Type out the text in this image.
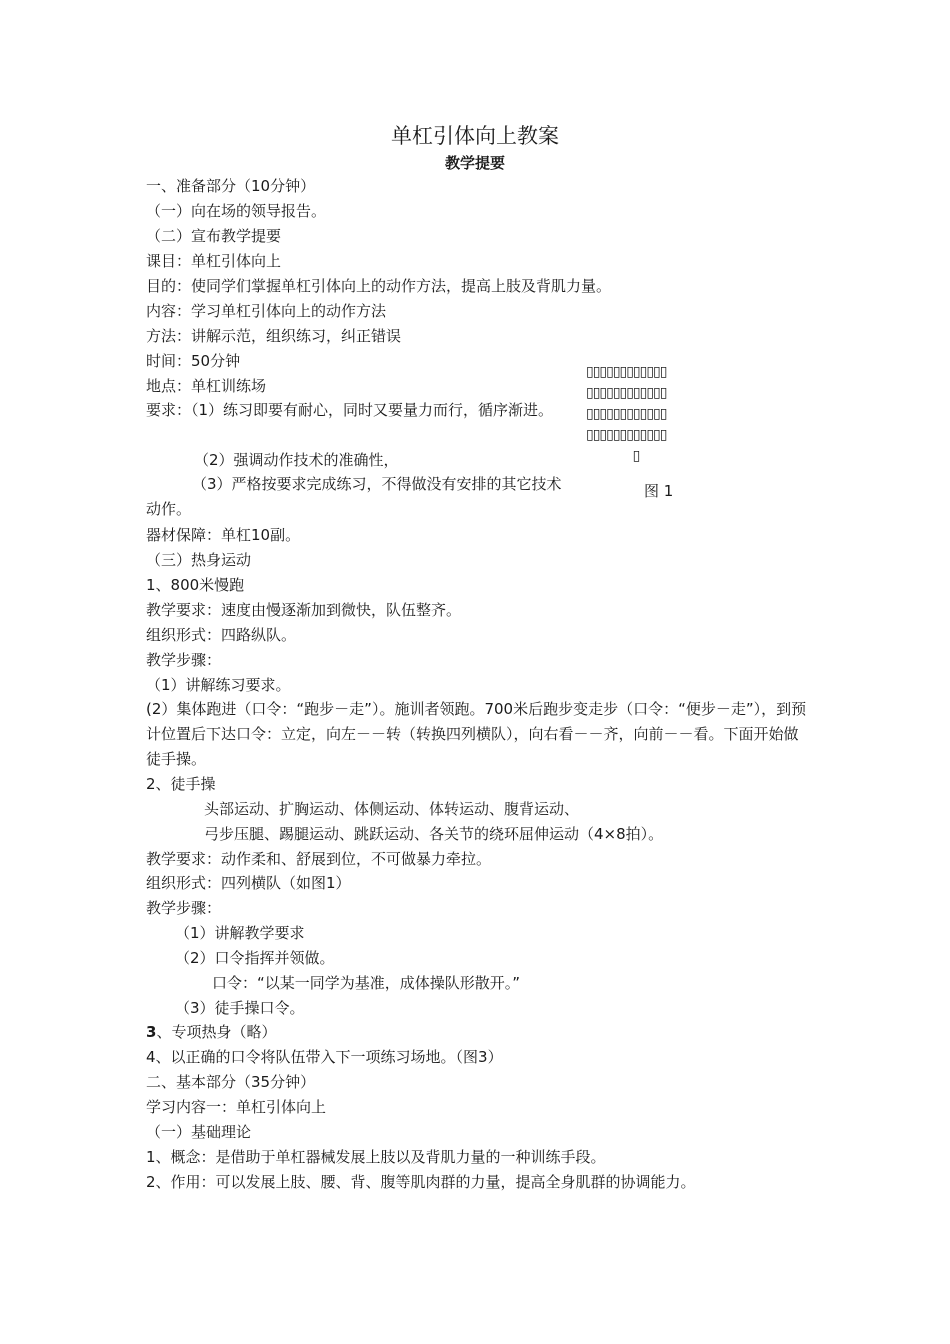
单杠引体向上教案
教学提要
一、准备部分（10分钟）
（一）向在场的领导报告。
（二）宣布教学提要
课目：单杠引体向上
目的：使同学们掌握单杠引体向上的动作方法，提高上肢及背肌力量。
内容：学习单杠引体向上的动作方法
方法：讲解示范，组织练习，纠正错误
时间：50分钟
地点：单杠训练场
要求：（1）练习即要有耐心，同时又要量力而行，循序渐进。
（2）强调动作技术的准确性，
（3）严格按要求完成练习，不得做没有安排的其它技术动作。
器材保障：单杠10副。
（三）热身运动
1、800米慢跑
教学要求：速度由慢逐渐加到微快，队伍整齐。
组织形式：四路纵队。
教学步骤：
（1）讲解练习要求。
(2）集体跑进（口令：“跑步－走”）。施训者领跑。700米后跑步变走步（口令：“便步－走”），到预计位置后下达口令：立定，向左－－转（转换四列横队），向右看－－齐，向前－－看。下面开始做徒手操。
2、徒手操
头部运动、扩胸运动、体侧运动、体转运动、腹背运动、
弓步压腿、踢腿运动、跳跃运动、各关节的绕环屈伸运动（4×8拍）。
教学要求：动作柔和、舒展到位，不可做暴力牵拉。
组织形式：四列横队（如图1）
教学步骤：
（1）讲解教学要求
（2）口令指挥并领做。
口令：“以某一同学为基准，成体操队形散开。”
（3）徒手操口令。
3、专项热身（略）
4、以正确的口令将队伍带入下一项练习场地。（图3）
二、基本部分（35分钟）
学习内容一：单杠引体向上
（一）基础理论
1、概念：是借助于单杠器械发展上肢以及背肌力量的一种训练手段。
2、作用：可以发展上肢、腰、背、腹等肌肉群的力量，提高全身肌群的协调能力。
▯▯▯▯▯▯▯▯▯▯▯▯
▯▯▯▯▯▯▯▯▯▯▯▯
▯▯▯▯▯▯▯▯▯▯▯▯
▯▯▯▯▯▯▯▯▯▯▯▯
▯
图 1
